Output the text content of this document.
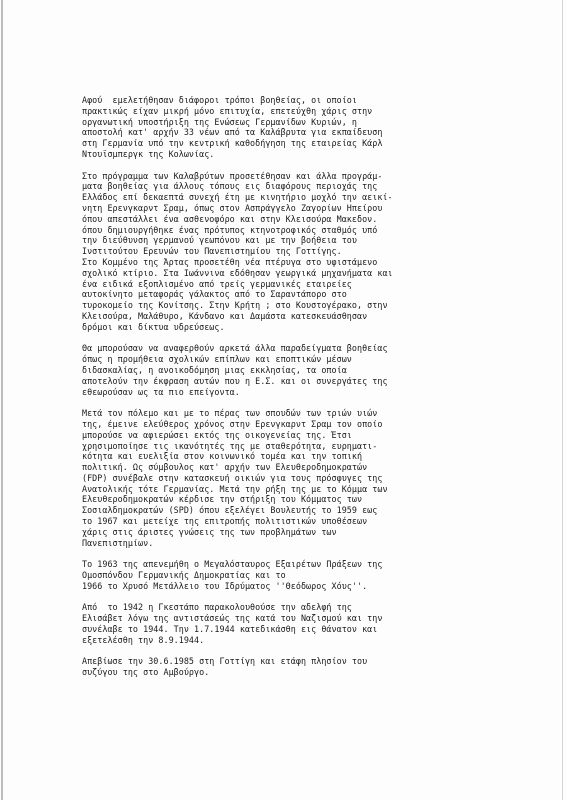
Αφού  εμελετήθησαν διάφοροι τρόποι βοηθείας, οι οποίοι
πρακτικώς είχαν μικρή μόνο επιτυχία, επετεύχθη χάρις στην
οργανωτική υποστήριξη της Ενώσεως Γερμανίδων Κυριών, η
αποστολή κατ' αρχήν 33 νέων από τα Καλάβρυτα για εκπαίδευση
στη Γερμανία υπό την κεντρική καθοδήγηση της εταιρείας Κάρλ
Ντουϊσμπεργκ της Κολωνίας.
Στο πρόγραμμα των Καλαβρύτων προσετέθησαν και άλλα προγράμ-
ματα βοηθείας για άλλους τόπους εις διαφόρους περιοχάς της
Ελλάδος επί δεκαεπτά συνεχή έτη με κινητήριο μοχλό την αεικί-
νητη Ερενγκαρντ Σραμ, όπως στον Ασπράγγελο Ζαγορίων Ηπείρου
όπου απεστάλλει ένα ασθενοφόρο και στην Κλεισούρα Μακεδον.
όπου δημιουργήθηκε ένας πρότυπος κτηνοτροφικός σταθμός υπό
την διεύθυνση γερμανού γεωπόνου και με την βοήθεια του
Ινστιτούτου Ερευνών του Πανεπιστημίου της Γοττίγης.
Στο Κομμένο της Άρτας προσετέθη νέα πτέρυγα στο υφιστάμενο
σχολικό κτίριο. Στα Ιωάννινα εδόθησαν γεωργικά μηχανήματα και
ένα ειδικά εξοπλισμένο από τρείς γερμανικές εταιρείες
αυτοκίνητο μεταφοράς γάλακτος από το Σαραντάπορο στο
τυροκομείο της Κονίτσης. Στην Κρήτη ; στο Κουστογέρακο, στην
Κλεισούρα, Μαλάθυρο, Κάνδανο και Δαμάστα κατεσκευάσθησαν
δρόμοι και δίκτυα υδρεύσεως.
Θα μπορούσαν να αναφερθούν αρκετά άλλα παραδείγματα βοηθείας
όπως η προμήθεια σχολικών επίπλων και εποπτικών μέσων
διδασκαλίας, η ανοικοδόμηση μιας εκκλησίας, τα οποία
αποτελούν την έκφραση αυτών που η Ε.Σ. και οι συνεργάτες της
εθεωρούσαν ως τα πιο επείγοντα.
Μετά τον πόλεμο και με το πέρας των σπουδών των τριών υιών
της, έμεινε ελεύθερος χρόνος στην Ερενγκαρντ Σραμ τον οποίο
μπορούσε να αφιερώσει εκτός της οικογενείας της. Έτσι
χρησιμοποίησε τις ικανότητές της με σταθερότητα, ευρηματι-
κότητα και ευελιξία στον κοινωνικό τομέα και την τοπική
πολιτική. Ως σύμβουλος κατ' αρχήν των Ελευθεροδημοκρατών
(FDP) συνέβαλε στην κατασκευή οικιών για τους πρόσφυγες της
Ανατολικής τότε Γερμανίας. Μετά την ρήξη της με το Κόμμα των
Ελευθεροδημοκρατών κέρδισε την στήριξη του Κόμματος των
Σοσιαλδημοκρατών (SPD) όπου εξελέγει Βουλευτής το 1959 εως
το 1967 και μετείχε της επιτροπής πολιτιστικών υποθέσεων
χάρις στις άριστες γνώσεις της των προβλημάτων των
Πανεπιστημίων.
Το 1963 της απενεμήθη ο Μεγαλόσταυρος Εξαιρέτων Πράξεων της
Ομοσπόνδου Γερμανικής Δημοκρατίας και το
1966 το Χρυσό Μετάλλειο του Ιδρύματος ''Θεόδωρος Χόυς''.
Από  το 1942 η Γκεστάπο παρακολουθούσε την αδελφή της
Ελισάβετ λόγω της αντιστάσεώς της κατά του Ναζισμού και την
συνέλαβε το 1944. Την 1.7.1944 κατεδικάσθη εις θάνατον και
εξετελέσθη την 8.9.1944.
Απεβίωσε την 30.6.1985 στη Γοττίγη και ετάφη πλησίον του
συζύγου της στο Αμβούργο.
